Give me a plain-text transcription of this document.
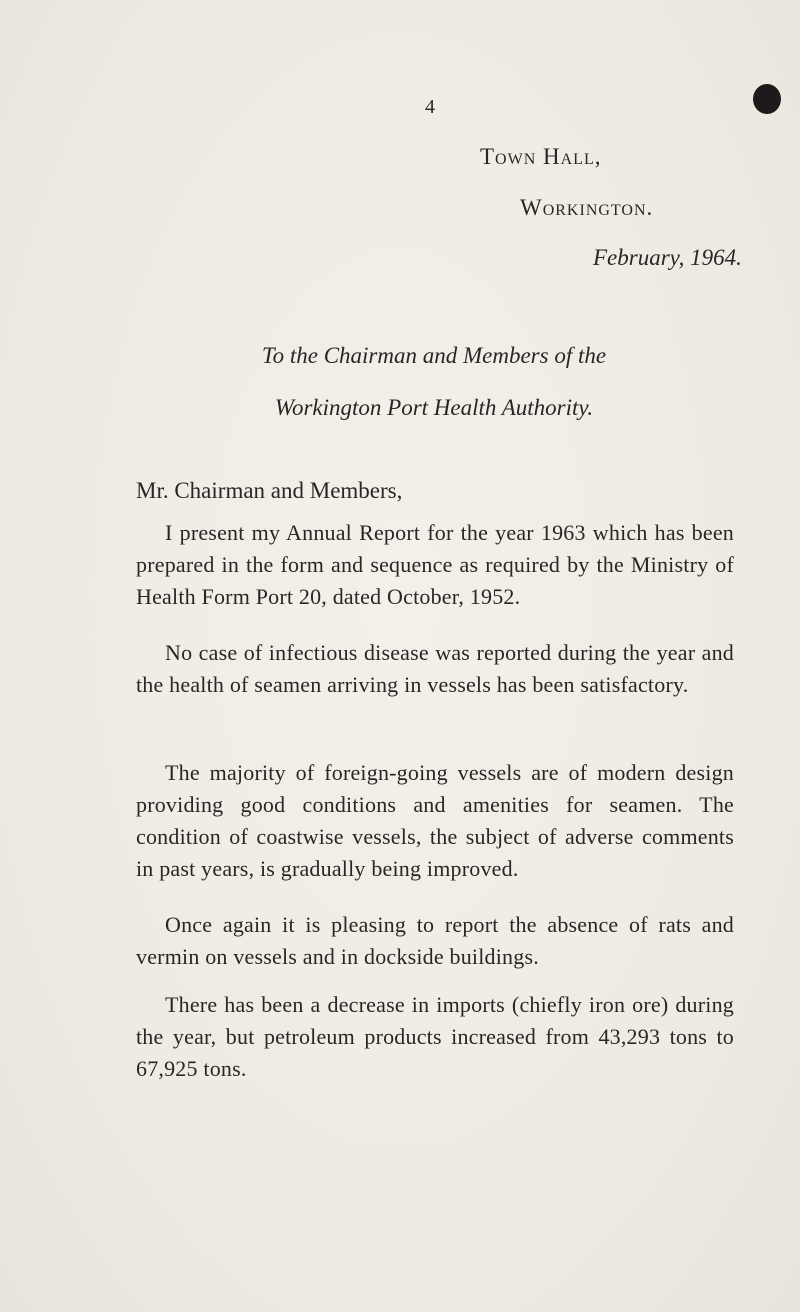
4
Town Hall,
Workington.
February, 1964.
To the Chairman and Members of the
Workington Port Health Authority.
Mr. Chairman and Members,

I present my Annual Report for the year 1963 which has been prepared in the form and sequence as required by the Ministry of Health Form Port 20, dated October, 1952.

No case of infectious disease was reported during the year and the health of seamen arriving in vessels has been satisfactory.

The majority of foreign-going vessels are of modern design providing good conditions and amenities for seamen. The condition of coastwise vessels, the subject of adverse comments in past years, is gradually being improved.

Once again it is pleasing to report the absence of rats and vermin on vessels and in dockside buildings.

There has been a decrease in imports (chiefly iron ore) during the year, but petroleum products increased from 43,293 tons to 67,925 tons.
